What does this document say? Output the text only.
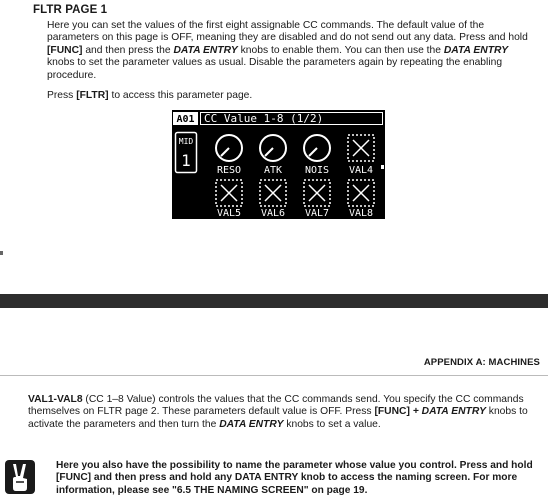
FLTR PAGE 1
Here you can set the values of the first eight assignable CC commands. The default value of the parameters on this page is OFF, meaning they are disabled and do not send out any data. Press and hold [FUNC] and then press the DATA ENTRY knobs to enable them. You can then use the DATA ENTRY knobs to set the parameter values as usual. Disable the parameters again by repeating the enabling procedure.
Press [FLTR] to access this parameter page.
A01 CC Value 1-8 (1/2)
MID
1
RESO ATK NOIS VAL4
VAL5 VAL6 VAL7 VAL8
APPENDIX A: MACHINES
VAL1-VAL8 (CC 1–8 Value) controls the values that the CC commands send. You specify the CC commands themselves on FLTR page 2. These parameters default value is OFF. Press [FUNC] + DATA ENTRY knobs to activate the parameters and then turn the DATA ENTRY knobs to set a value.
Here you also have the possibility to name the parameter whose value you control. Press and hold [FUNC] and then press and hold any DATA ENTRY knob to access the naming screen. For more information, please see "6.5 THE NAMING SCREEN" on page 19.
